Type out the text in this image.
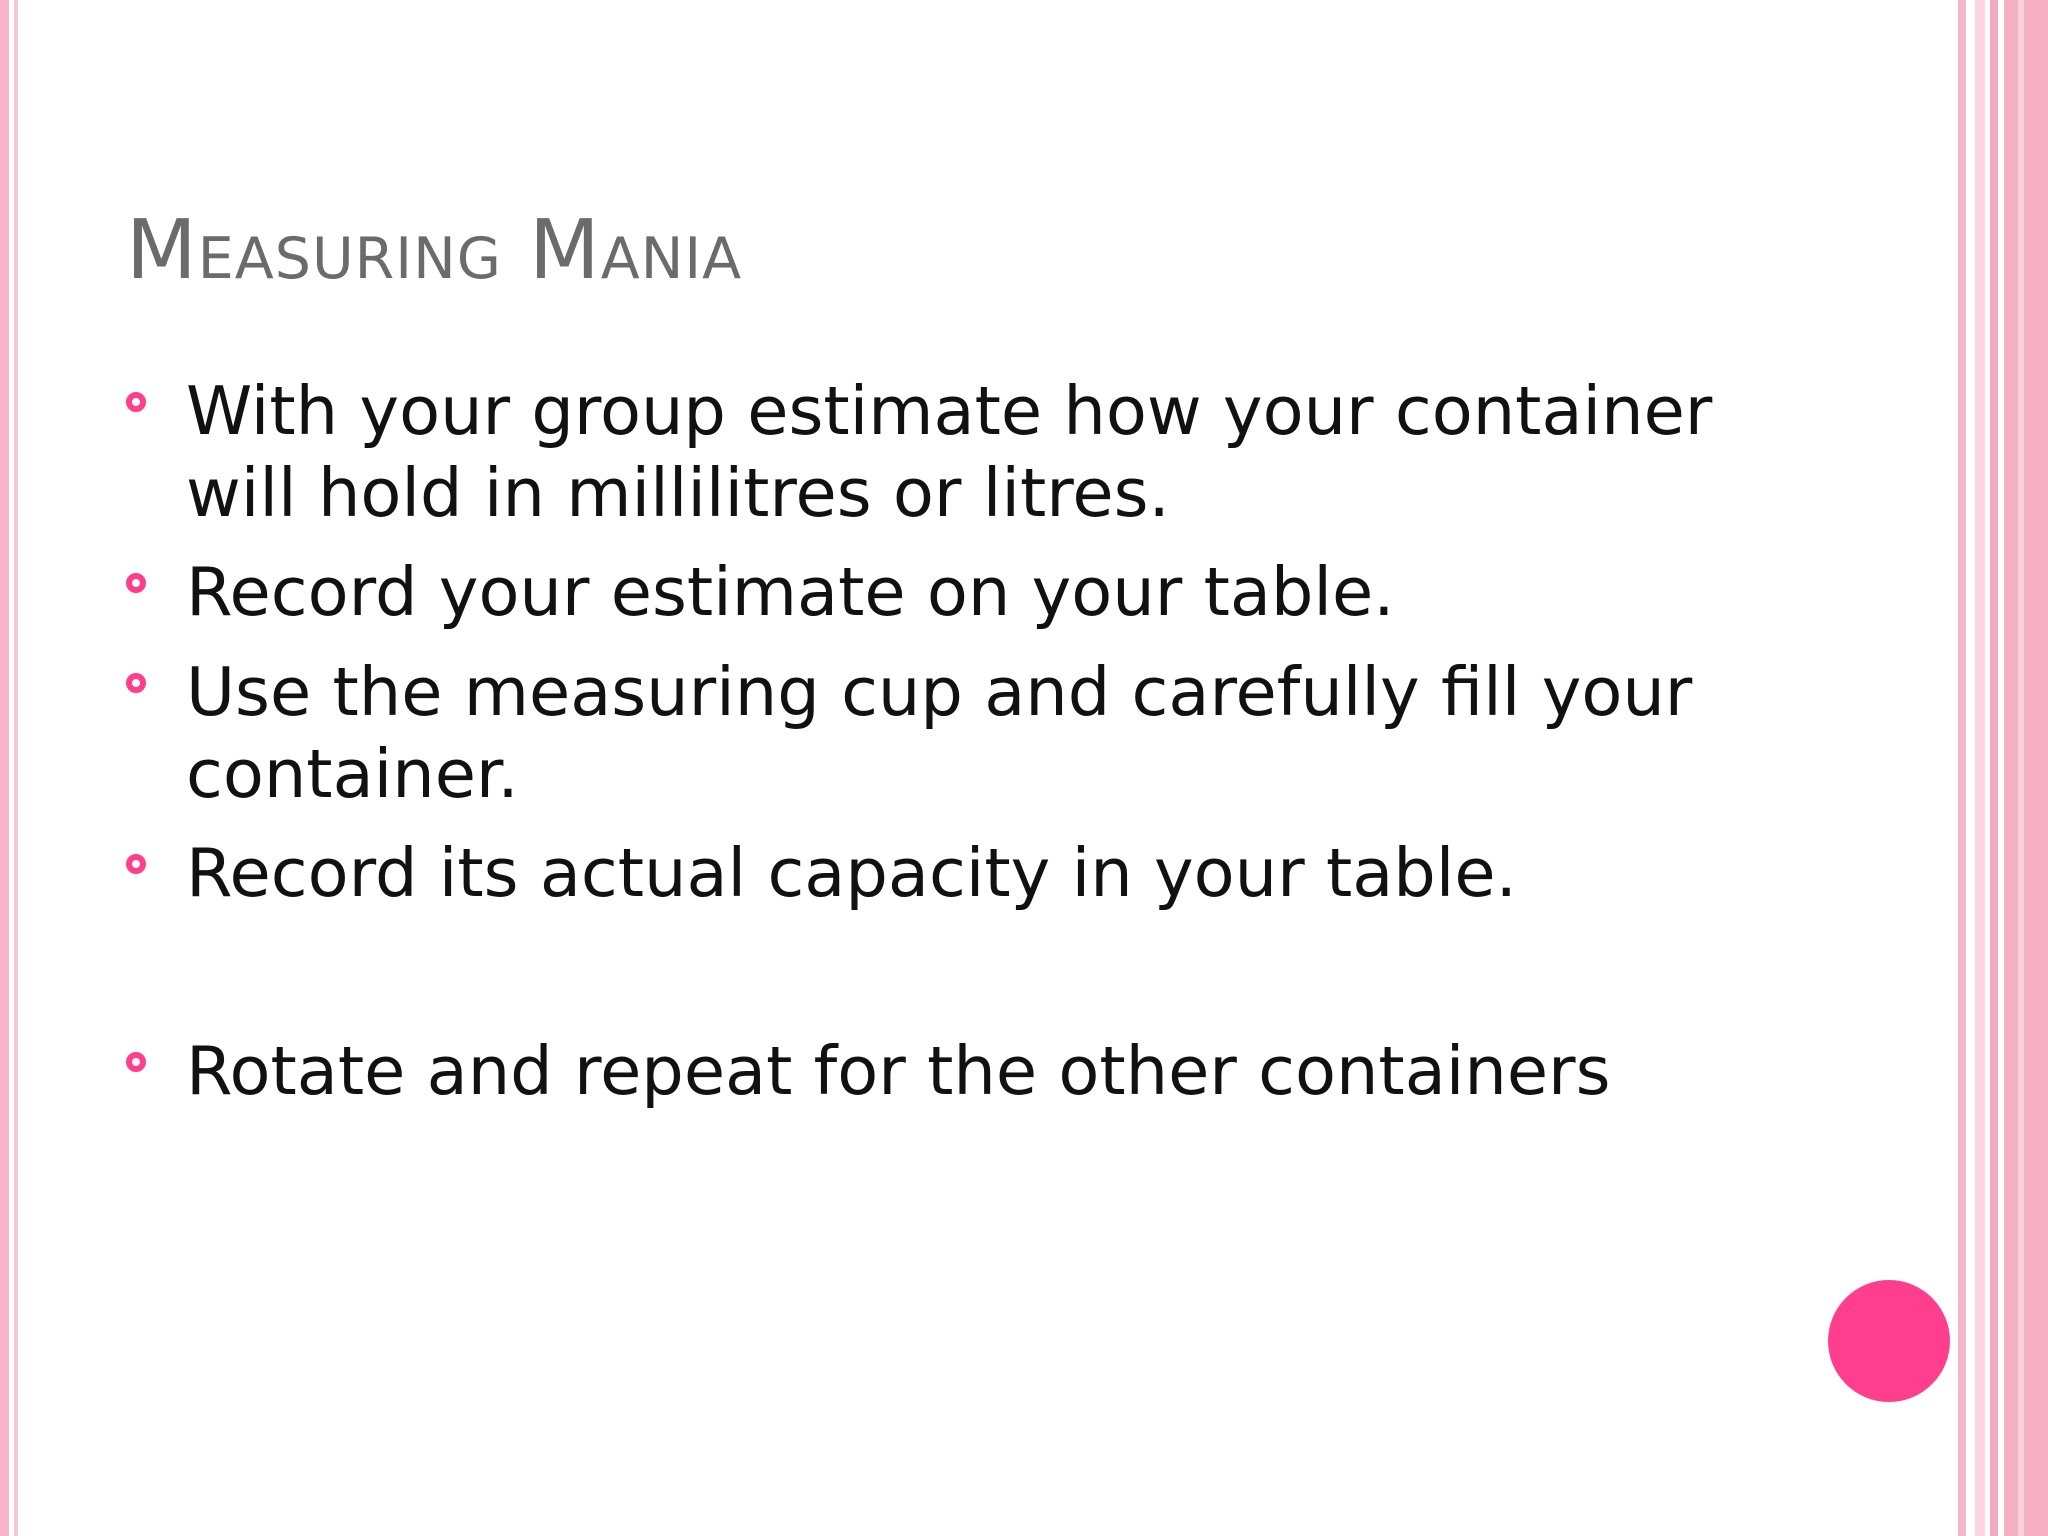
Measuring Mania
With your group estimate how your container will hold in millilitres or litres.
Record your estimate on your table.
Use the measuring cup and carefully fill your container.
Record its actual capacity in your table.
Rotate and repeat for the other containers
